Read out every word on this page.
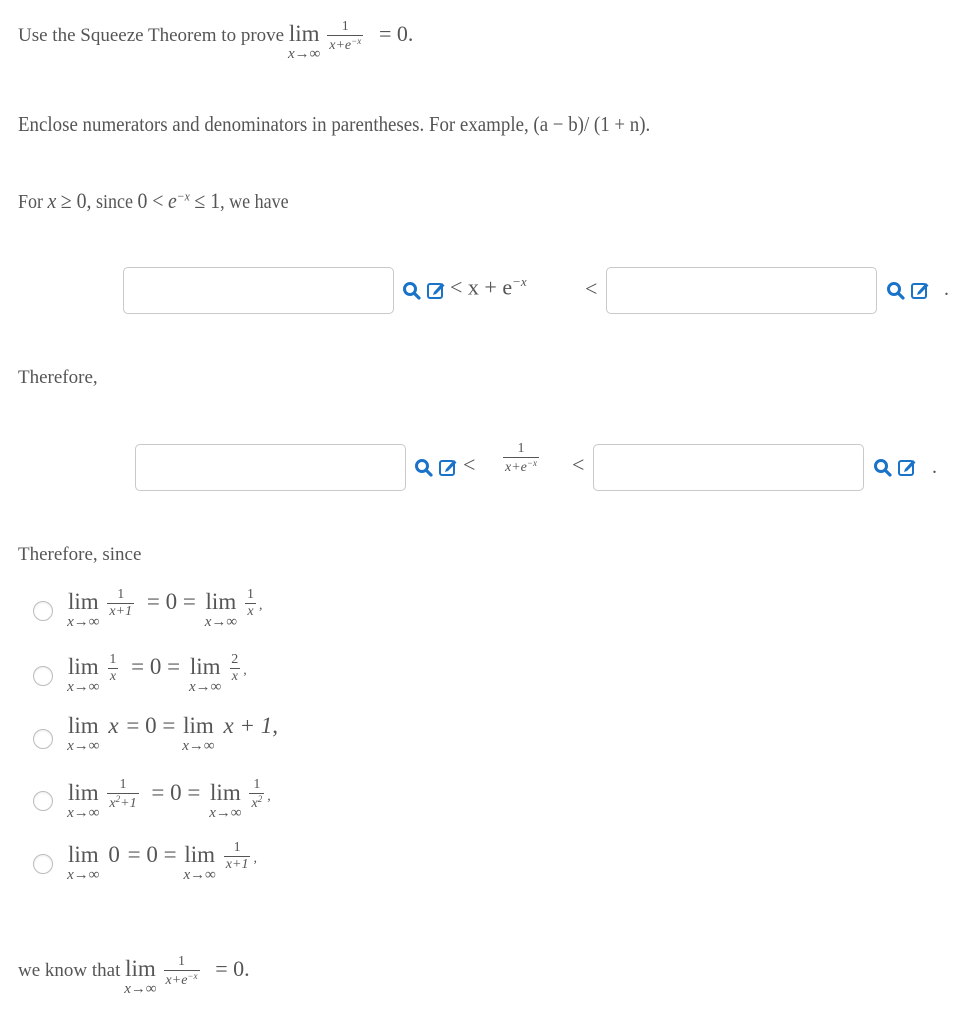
Use the Squeeze Theorem to prove lim
x→∞

$\frac{1}{x+e^{-x}} = 0$.
Enclose numerators and denominators in parentheses. For example, (a − b)/ (1 + n).
For x ≥ 0, since $0 < e^{-x} \le 1$, we have
< $x + e^{-x}$	<	.
Therefore,
< $\frac{1}{x+e^{-x}}$ <	.
Therefore, since
lim
x→∞

$\frac{1}{x+1} = 0 = \lim$
x→∞

$\frac{1}{x}$ ,
lim
x→∞

$\frac{1}{x} = 0 = \lim$
x→∞

$\frac{2}{x}$ ,
lim
x→∞
x = 0 = lim
x→∞
x + 1,
lim
x→∞

$\frac{1}{x^2+1} = 0 = \lim$
x→∞

$\frac{1}{x^2}$ ,
lim
x→∞
0 = 0 = lim
x→∞

$\frac{1}{x+1}$ ,
we know that lim
x→∞

$\frac{1}{x+e^{-x}} = 0$.
